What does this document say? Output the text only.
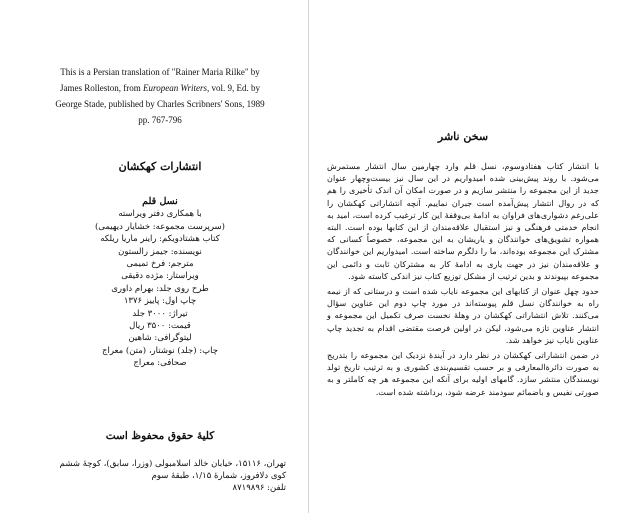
This is a Persian translation of "Rainer Maria Rilke" by

James Rolleston, from European Writers, vol. 9, Ed. by

George Stade, published by Charles Scribners' Sons, 1989

pp. 767-796

انتشارات کهکشان
نسل قلم
با همکاری دفتر ویراسته
(سرپرست مجموعه: خشایار دیهیمی)
کتاب هشتادویکم: راینر ماریا ریلکه
نویسنده: جیمز رالستون
مترجم: فرخ تمیمی
ویراستار: مژده دقیقی
طرح روی جلد: بهرام داوری
چاپ اول: پاییز ۱۳۷۶
تیراژ: ۳۰۰۰ جلد
قیمت: ۳۵۰۰ ریال
لیتوگرافی: شاهین
چاپ: (جلد) نوشتار، (متن) معراج
صحافی: معراج
کلیهٔ حقوق محفوظ است
تهران، ۱۵۱۱۶، خیابان خالد اسلامبولی (وزرا، سابق)، کوچهٔ ششم
کوی دلافروز، شمارهٔ ۱/۱۵، طبقهٔ سوم
تلفن: ۸۷۱۹۸۹۶
سخن ناشر

با انتشار کتاب هفتادوسوم، نسل قلم وارد چهارمین سال انتشار مستمرش می‌شود. با روند پیش‌بینی شده امیدواریم در این سال نیز بیست‌وچهار عنوان جدید از این مجموعه را منتشر سازیم و در صورت امکان آن اندک تأخیری را هم که در روال انتشار پیش‌آمده است جبران نماییم. آنچه انتشاراتی کهکشان را علی‌رغم دشواری‌های فراوان به ادامهٔ بی‌وقفهٔ این کار ترغیب کرده است، امید به انجام خدمتی فرهنگی و نیز استقبال علاقه‌مندان از این کتابها بوده است. البته همواره تشویق‌های خوانندگان و یاریشان به این مجموعه، خصوصاً کسانی که مشترک این مجموعه بوده‌اند، ما را دلگرم ساخته است. امیدواریم این خوانندگان و علاقه‌مندان نیز در جهت یاری به ادامهٔ کار به مشترکان ثابت و دائمی این مجموعه بپیوندند و بدین ترتیب از مشکل توزیع کتاب نیز اندکی کاسته شود.

حدود چهل عنوان از کتابهای این مجموعه نایاب شده است و درستانی که از نیمه راه به خوانندگان نسل قلم پیوسته‌اند در مورد چاپ دوم این عناوین سؤال می‌کنند. تلاش انتشاراتی کهکشان در وهلهٔ نخست صرف تکمیل این مجموعه و انتشار عناوین تازه می‌شود، لیکن در اولین فرصت مقتضی اقدام به تجدید چاپ عناوین نایاب نیز خواهد شد.

در ضمن انتشاراتی کهکشان در نظر دارد در آیندهٔ نزدیک این مجموعه را بتدریج به صورت دائرةالمعارفی و بر حسب تقسیم‌بندی کشوری و به ترتیب تاریخ تولد نویسندگان منتشر سازد. گامهای اولیه برای آنکه این مجموعه هر چه کاملتر و به صورتی نفیس و باضمائم سودمند عرضه شود، برداشته شده است.
